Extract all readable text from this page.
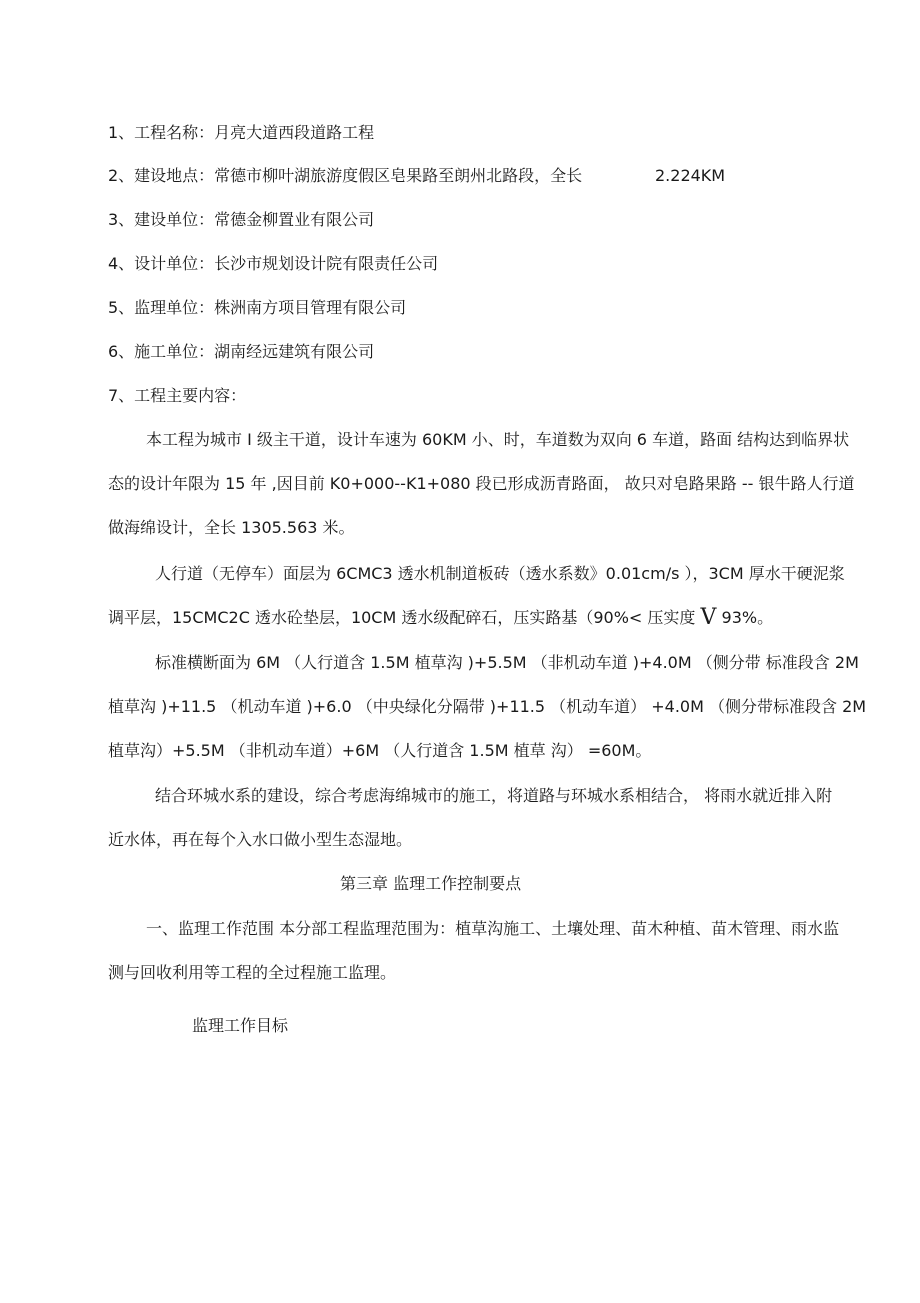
1、工程名称：月亮大道西段道路工程
2、建设地点：常德市柳叶湖旅游度假区皂果路至朗州北路段，全长	2.224KM
3、建设单位：常德金柳置业有限公司
4、设计单位：长沙市规划设计院有限责任公司
5、监理单位：株洲南方项目管理有限公司
6、施工单位：湖南经远建筑有限公司
7、工程主要内容：
本工程为城市 I 级主干道，设计车速为 60KM 小、时，车道数为双向 6 车道，路面 结构达到临界状
态的设计年限为 15 年 ,因目前 K0+000--K1+080 段已形成沥青路面， 故只对皂路果路 -- 银牛路人行道
做海绵设计，全长 1305.563 米。
人行道（无停车）面层为 6CMC3 透水机制道板砖（透水系数》0.01cm/s ），3CM 厚水干硬泥浆
调平层，15CMC2C 透水砼垫层，10CM 透水级配碎石，压实路基（90%< 压实度 V 93%。
标准横断面为 6M （人行道含 1.5M 植草沟 )+5.5M （非机动车道 )+4.0M （侧分带 标准段含 2M
植草沟 )+11.5 （机动车道 )+6.0 （中央绿化分隔带 )+11.5 （机动车道） +4.0M （侧分带标准段含 2M
植草沟）+5.5M （非机动车道）+6M （人行道含 1.5M 植草 沟） =60M。
结合环城水系的建设，综合考虑海绵城市的施工，将道路与环城水系相结合， 将雨水就近排入附
近水体，再在每个入水口做小型生态湿地。
第三章 监理工作控制要点
一、监理工作范围 本分部工程监理范围为：植草沟施工、土壤处理、苗木种植、苗木管理、雨水监
测与回收利用等工程的全过程施工监理。
监理工作目标
